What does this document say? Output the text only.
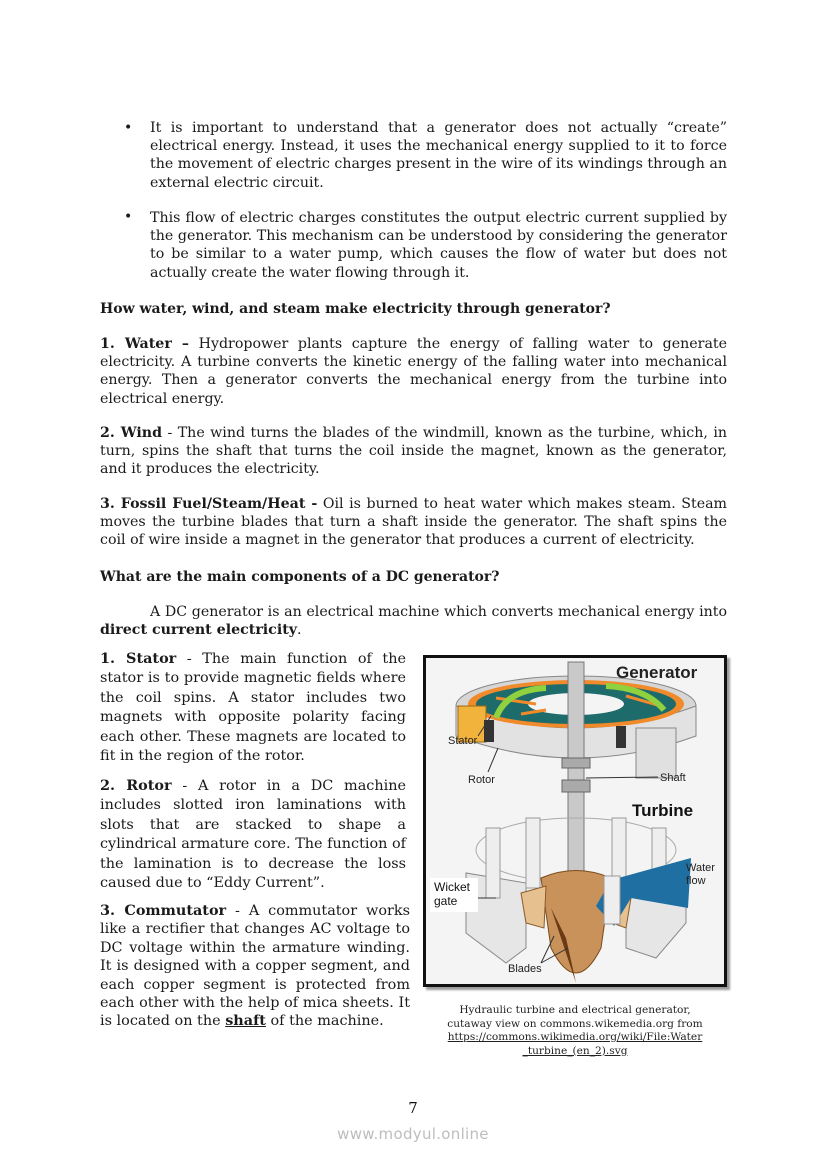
• It is important to understand that a generator does not actually “create” electrical energy. Instead, it uses the mechanical energy supplied to it to force the movement of electric charges present in the wire of its windings through an external electric circuit.
• This flow of electric charges constitutes the output electric current supplied by the generator. This mechanism can be understood by considering the generator to be similar to a water pump, which causes the flow of water but does not actually create the water flowing through it.
How water, wind, and steam make electricity through generator?
1. Water – Hydropower plants capture the energy of falling water to generate electricity. A turbine converts the kinetic energy of the falling water into mechanical energy. Then a generator converts the mechanical energy from the turbine into electrical energy.
2. Wind - The wind turns the blades of the windmill, known as the turbine, which, in turn, spins the shaft that turns the coil inside the magnet, known as the generator, and it produces the electricity.
3. Fossil Fuel/Steam/Heat - Oil is burned to heat water which makes steam. Steam moves the turbine blades that turn a shaft inside the generator. The shaft spins the coil of wire inside a magnet in the generator that produces a current of electricity.
What are the main components of a DC generator?
A DC generator is an electrical machine which converts mechanical energy into direct current electricity.
1. Stator - The main function of the stator is to provide magnetic fields where the coil spins. A stator includes two magnets with opposite polarity facing each other. These magnets are located to fit in the region of the rotor.
2. Rotor - A rotor in a DC machine includes slotted iron laminations with slots that are stacked to shape a cylindrical armature core. The function of the lamination is to decrease the loss caused due to “Eddy Current”.
3. Commutator - A commutator works like a rectifier that changes AC voltage to DC voltage within the armature winding. It is designed with a copper segment, and each copper segment is protected from each other with the help of mica sheets. It is located on the shaft of the machine.
Generator
Turbine
Stator
Rotor	Shaft
Water
flow
Wicket
gate
Blades
Hydraulic turbine and electrical generator,
cutaway view on commons.wikemedia.org from
https://commons.wikimedia.org/wiki/File:Water
_turbine_(en_2).svg
7
www.modyul.online
